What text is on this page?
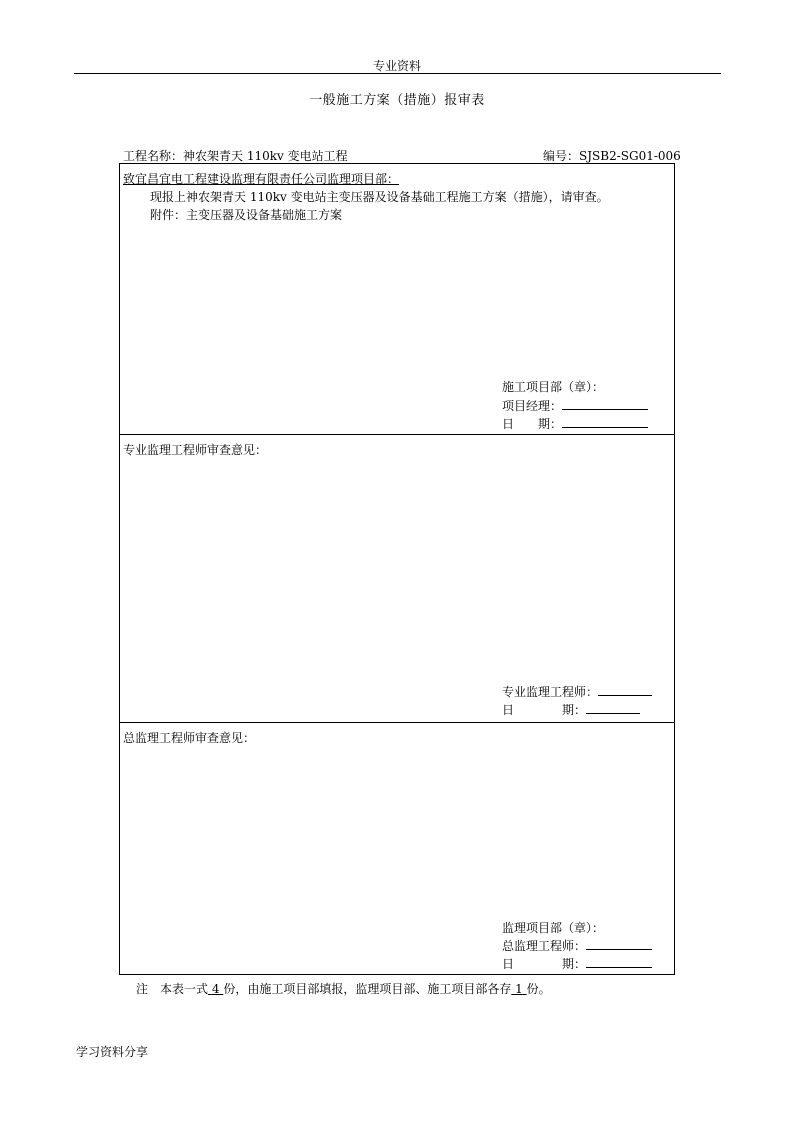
专业资料
一般施工方案（措施）报审表
工程名称：神农架青天 110kv 变电站工程	编号：SJSB2-SG01-006
致宜昌宜电工程建设监理有限责任公司监理项目部：
现报上神农架青天 110kv 变电站主变压器及设备基础工程施工方案（措施），请审查。
附件：主变压器及设备基础施工方案
施工项目部（章）：
项目经理：
日　　期：
专业监理工程师审查意见：
专业监理工程师：
日　　　　期：
总监理工程师审查意见：
监理项目部（章）：
总监理工程师：
日　　　　期：
注　本表一式 4 份，由施工项目部填报，监理项目部、施工项目部各存 1 份。
学习资料分享
